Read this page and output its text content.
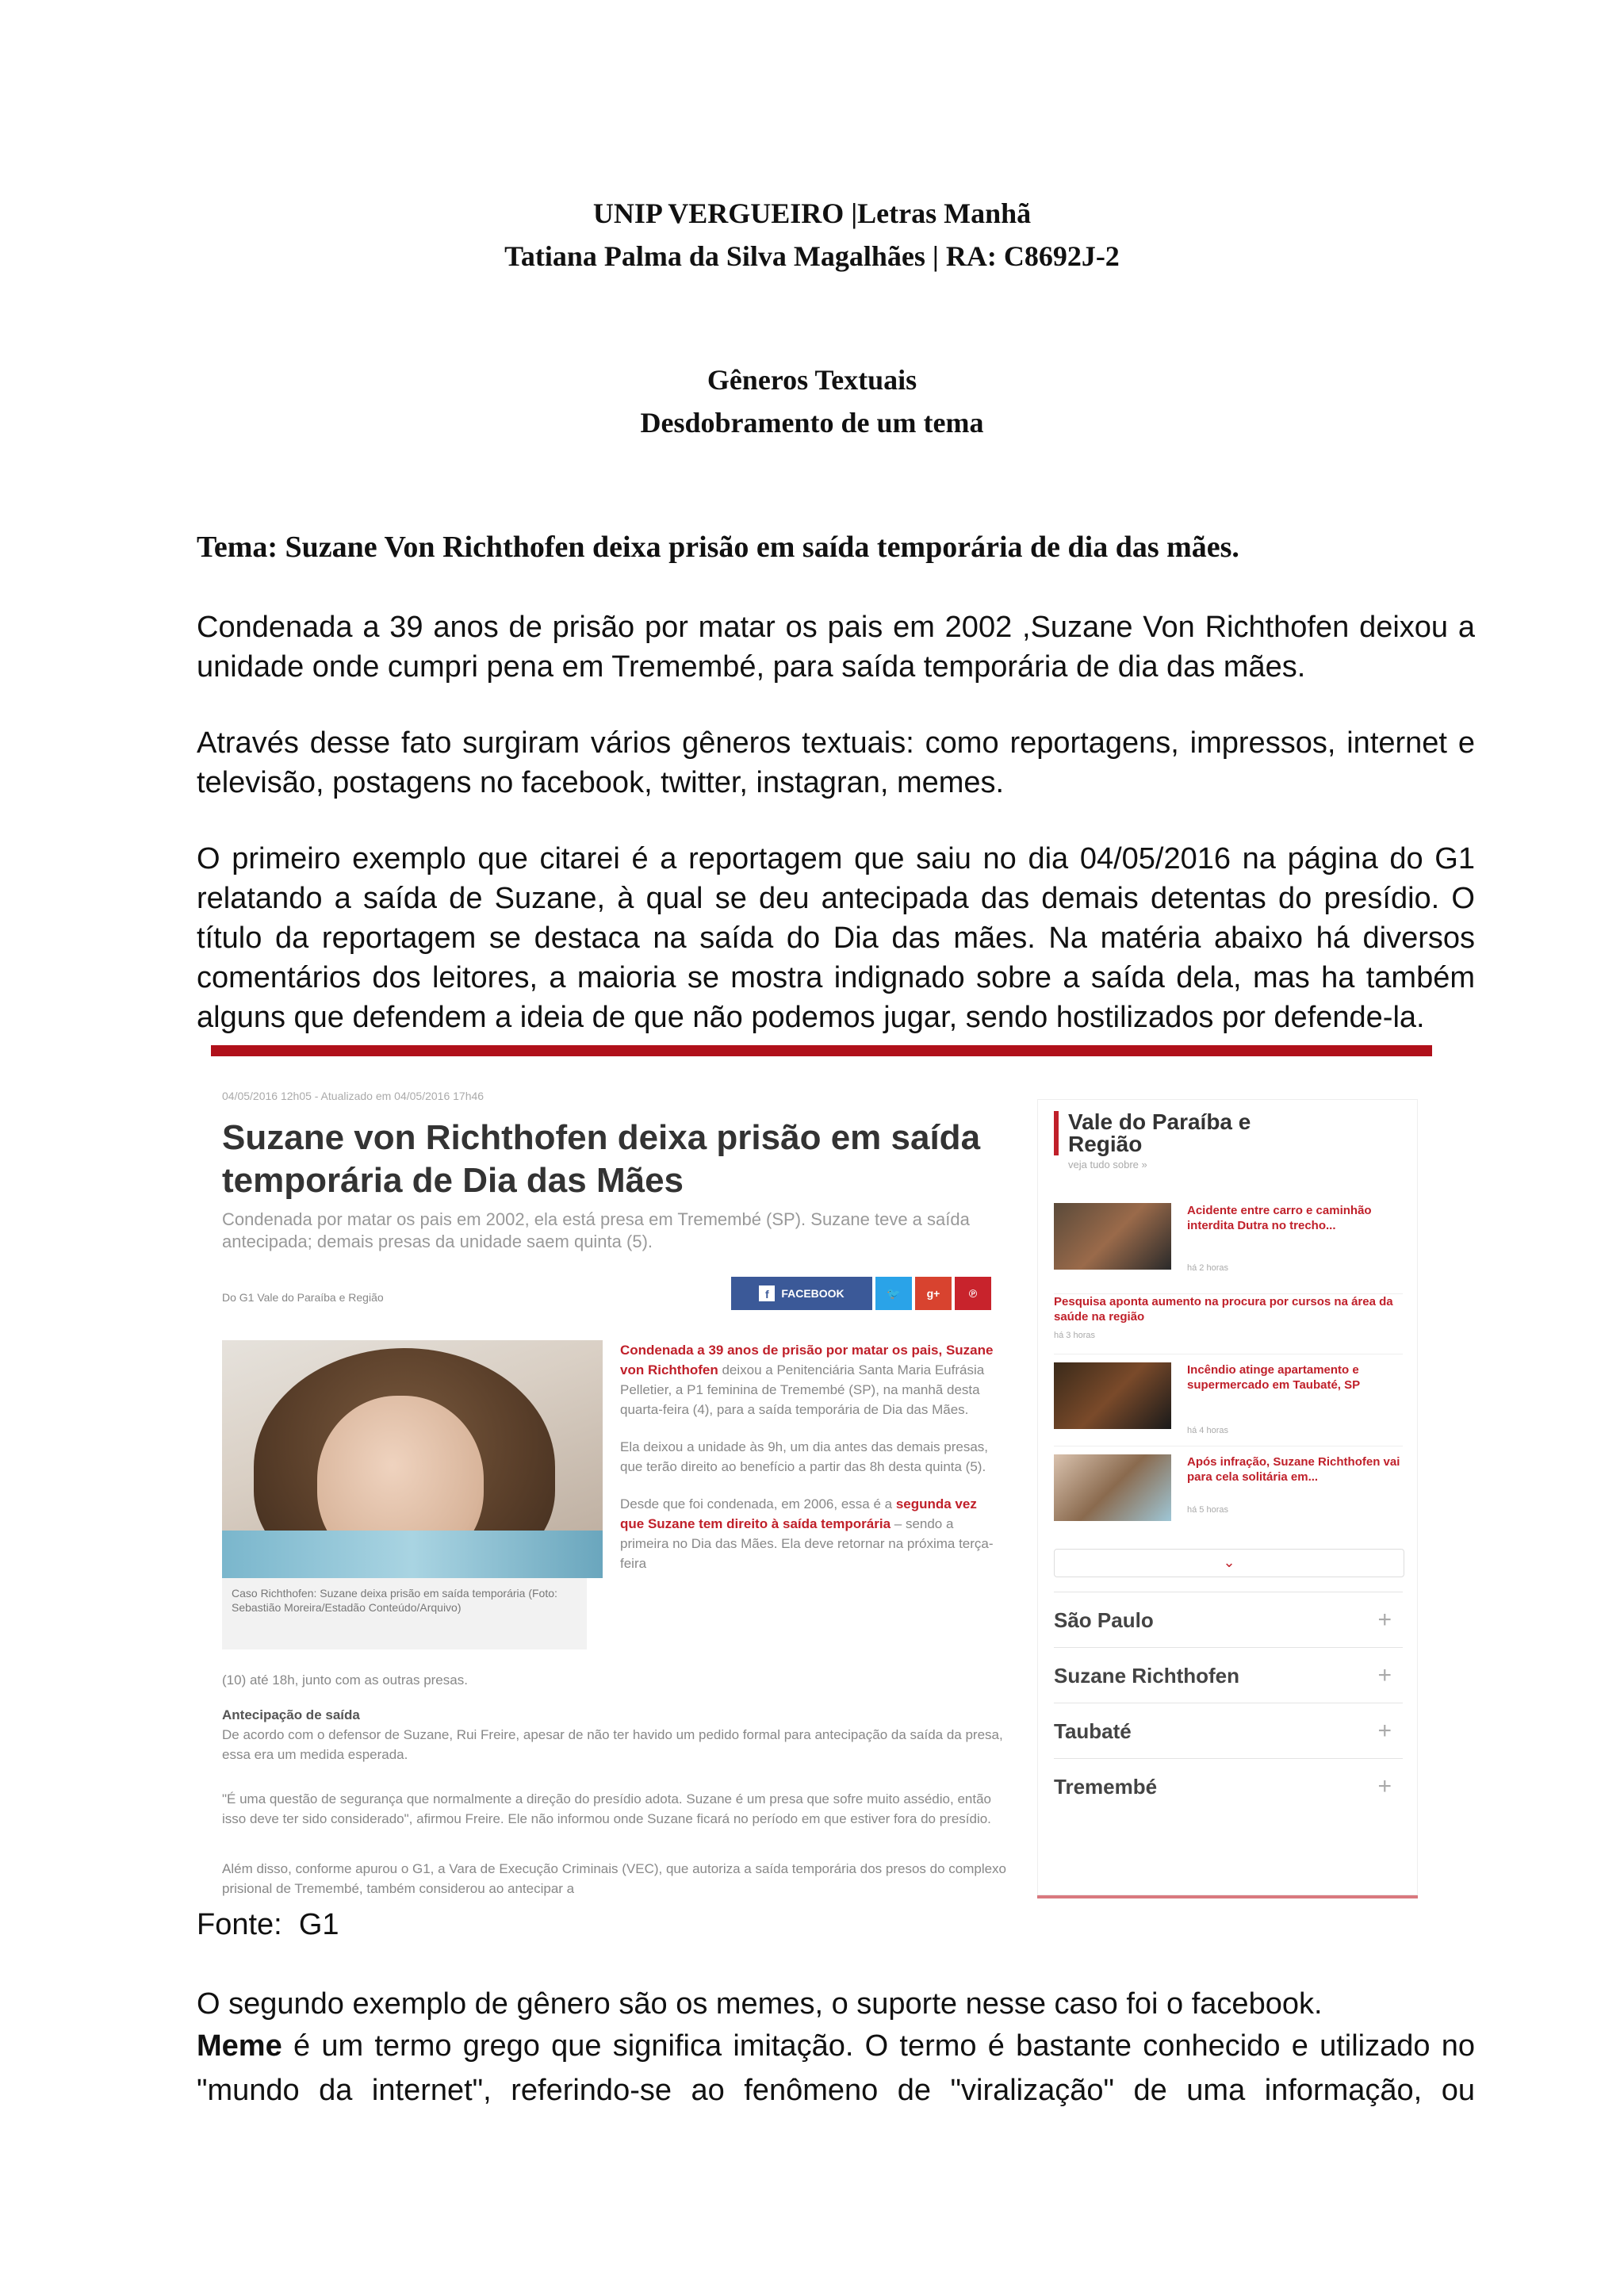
UNIP VERGUEIRO |Letras Manhã
Tatiana Palma da Silva Magalhães | RA: C8692J-2
Gêneros Textuais
Desdobramento de um tema
Tema: Suzane Von Richthofen deixa prisão em saída temporária de dia das mães.
Condenada a 39 anos de prisão por matar os pais em 2002 ,Suzane Von Richthofen deixou a
unidade onde cumpri pena em Tremembé, para saída temporária de dia das mães.
Através desse fato surgiram vários gêneros textuais: como reportagens, impressos, internet e
televisão, postagens no facebook, twitter, instagran, memes.
O primeiro exemplo que citarei é a reportagem que saiu no dia 04/05/2016 na página do G1
relatando a saída de Suzane, à qual se deu antecipada das demais detentas do presídio. O
título da reportagem se destaca na saída do Dia das mães. Na matéria abaixo há diversos
comentários dos leitores, a maioria se mostra indignado sobre a saída dela, mas ha também
alguns que defendem a ideia de que não podemos jugar, sendo hostilizados por defende-la.
04/05/2016 12h05 - Atualizado em 04/05/2016 17h46
Suzane von Richthofen deixa prisão em saída temporária de Dia das Mães
Condenada por matar os pais em 2002, ela está presa em Tremembé (SP). Suzane teve a saída antecipada; demais presas da unidade saem quinta (5).
Do G1 Vale do Paraíba e Região	f	FACEBOOK	🐦 g+	℗
Caso Richthofen: Suzane deixa prisão em saída temporária (Foto: Sebastião Moreira/Estadão Conteúdo/Arquivo)

Condenada a 39 anos de prisão por matar os pais, Suzane von Richthofen deixou a Penitenciária Santa Maria Eufrásia Pelletier, a P1 feminina de Tremembé (SP), na manhã desta quarta-feira (4), para a saída temporária de Dia das Mães.

Ela deixou a unidade às 9h, um dia antes das demais presas, que terão direito ao benefício a partir das 8h desta quinta (5).

Desde que foi condenada, em 2006, essa é a segunda vez que Suzane tem direito à saída temporária – sendo a primeira no Dia das Mães. Ela deve retornar na próxima terça-feira

(10) até 18h, junto com as outras presas.
Antecipação de saída
De acordo com o defensor de Suzane, Rui Freire, apesar de não ter havido um pedido formal para antecipação da saída da presa, essa era um medida esperada.
"É uma questão de segurança que normalmente a direção do presídio adota. Suzane é um presa que sofre muito assédio, então isso deve ter sido considerado", afirmou Freire. Ele não informou onde Suzane ficará no período em que estiver fora do presídio.
Além disso, conforme apurou o G1, a Vara de Execução Criminais (VEC), que autoriza a saída temporária dos presos do complexo prisional de Tremembé, também considerou ao antecipar a
Vale do Paraíba e Região
veja tudo sobre »
Acidente entre carro e caminhão interdita Dutra no trecho...
há 2 horas
Pesquisa aponta aumento na procura por cursos na área da saúde na região
há 3 horas
Incêndio atinge apartamento e supermercado em Taubaté, SP
há 4 horas
Após infração, Suzane Richthofen vai para cela solitária em...
há 5 horas
⌄
São Paulo	+
Suzane Richthofen	+
Taubaté	+
Tremembé	+
Fonte:  G1
O segundo exemplo de gênero são os memes, o suporte nesse caso foi o facebook.
Meme é um termo grego que significa imitação. O termo é bastante conhecido e utilizado no
"mundo da internet", referindo-se ao fenômeno de "viralização" de uma informação, ou
